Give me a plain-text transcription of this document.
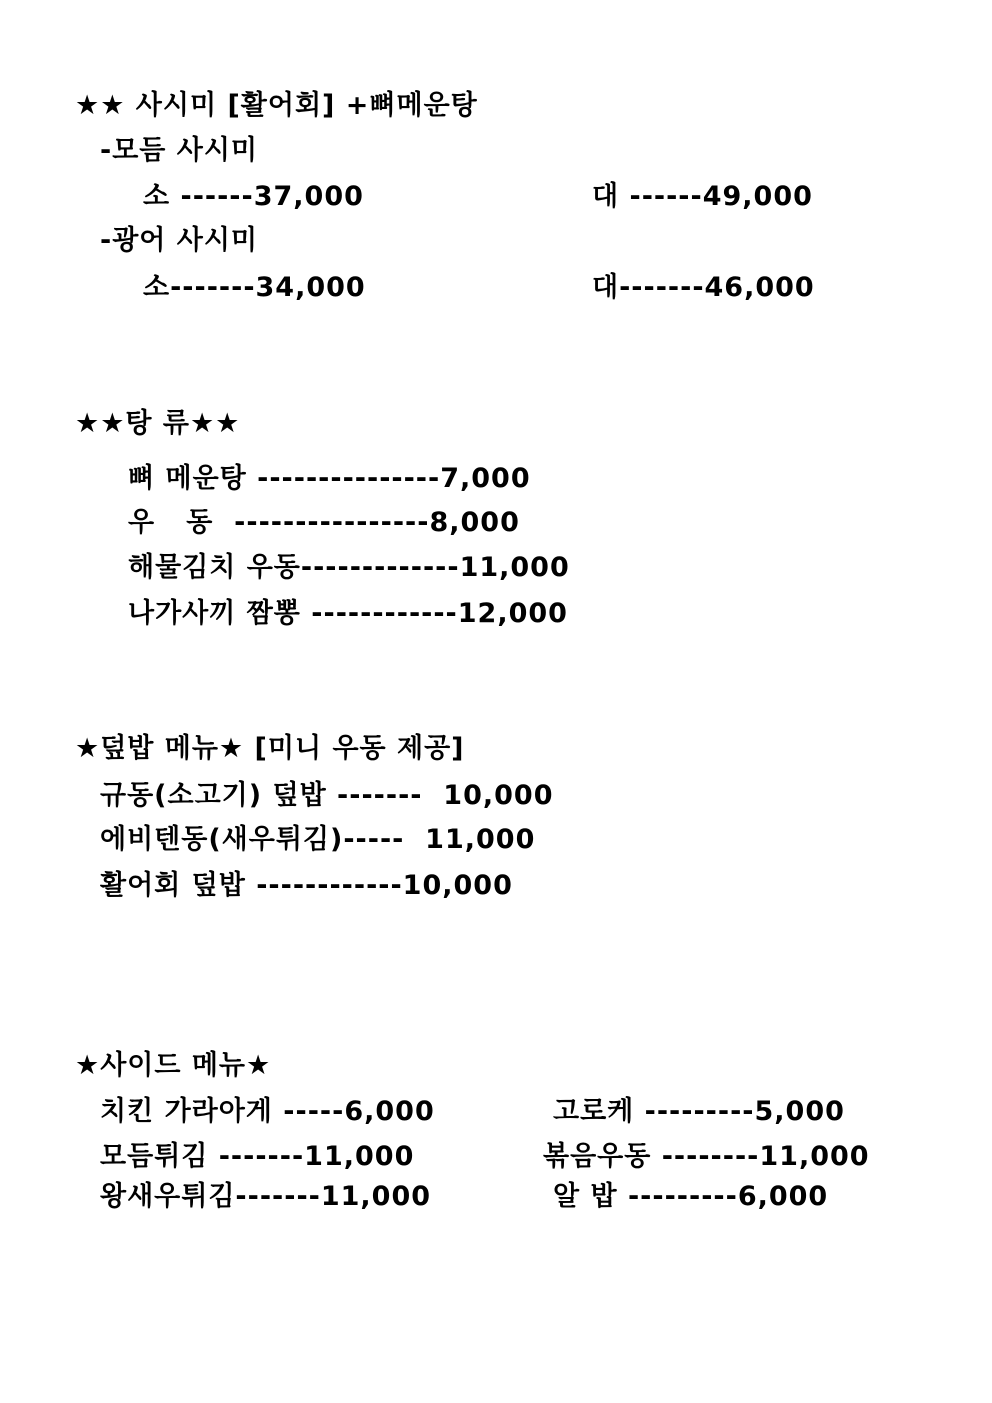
★★ 사시미 [활어회] +뼈메운탕
-모듬 사시미
소 ------37,000	대 ------49,000
-광어 사시미
소-------34,000	대-------46,000
★★탕 류★★
뼈 메운탕 ---------------7,000
우   동  ----------------8,000
해물김치 우동-------------11,000
나가사끼 짬뽕 ------------12,000
★덮밥 메뉴★ [미니 우동 제공]
규동(소고기) 덮밥 -------  10,000
에비텐동(새우튀김)-----  11,000
활어회 덮밥 ------------10,000
★사이드 메뉴★
치킨 가라아게 -----6,000
모듬튀김 -------11,000
왕새우튀김-------11,000
고로케 ---------5,000
볶음우동 --------11,000
알 밥 ---------6,000
